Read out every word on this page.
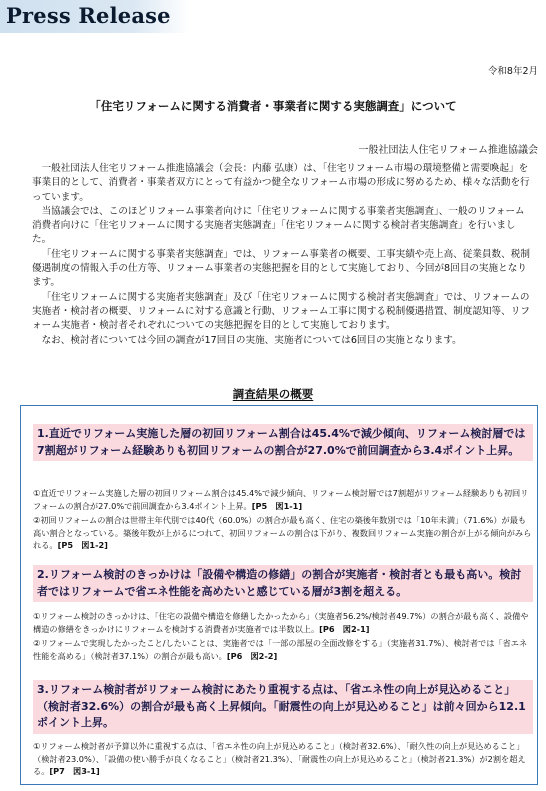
Press Release
令和8年2月
「住宅リフォームに関する消費者・事業者に関する実態調査」について
一般社団法人住宅リフォーム推進協議会

一般社団法人住宅リフォーム推進協議会（会長：内藤 弘康）は、「住宅リフォーム市場の環境整備と需要喚起」を事業目的として、消費者・事業者双方にとって有益かつ健全なリフォーム市場の形成に努めるため、様々な活動を行っています。

当協議会では、このほどリフォーム事業者向けに「住宅リフォームに関する事業者実態調査」、一般のリフォーム消費者向けに「住宅リフォームに関する実施者実態調査」「住宅リフォームに関する検討者実態調査」を行いました。

「住宅リフォームに関する事業者実態調査」では、リフォーム事業者の概要、工事実績や売上高、従業員数、税制優遇制度の情報入手の仕方等、リフォーム事業者の実態把握を目的として実施しており、今回が8回目の実施となります。

「住宅リフォームに関する実施者実態調査」及び「住宅リフォームに関する検討者実態調査」では、リフォームの実施者・検討者の概要、リフォームに対する意識と行動、リフォーム工事に関する税制優遇措置、制度認知等、リフォーム実施者・検討者それぞれについての実態把握を目的として実施しております。

なお、検討者については今回の調査が17回目の実施、実施者については6回目の実施となります。

調査結果の概要
1.直近でリフォーム実施した層の初回リフォーム割合は45.4%で減少傾向、リフォーム検討層では7割超がリフォーム経験ありも初回リフォームの割合が27.0%で前回調査から3.4ポイント上昇。

①直近でリフォーム実施した層の初回リフォーム割合は45.4%で減少傾向、リフォーム検討層では7割超がリフォーム経験ありも初回リフォームの割合が27.0%で前回調査から3.4ポイント上昇。[P5　図1-1]

②初回リフォームの割合は世帯主年代別では40代（60.0%）の割合が最も高く、住宅の築後年数別では「10年未満」（71.6%）が最も高い割合となっている。築後年数が上がるにつれて、初回リフォームの割合は下がり、複数回リフォーム実施の割合が上がる傾向がみられる。[P5　図1-2]

2.リフォーム検討のきっかけは「設備や構造の修繕」の割合が実施者・検討者とも最も高い。検討者ではリフォームで省エネ性能を高めたいと感じている層が3割を超える。

①リフォーム検討のきっかけは、「住宅の設備や構造を修繕したかったから」（実施者56.2%/検討者49.7%）の割合が最も高く、設備や構造の修繕をきっかけにリフォームを検討する消費者が実施者では半数以上。[P6　図2-1]

②リフォームで実現したかったこと/したいことは、実施者では「一部の部屋の全面改修をする」（実施者31.7%）、検討者では「省エネ性能を高める」（検討者37.1%）の割合が最も高い。[P6　図2-2]

3.リフォーム検討者がリフォーム検討にあたり重視する点は、「省エネ性の向上が見込めること」（検討者32.6%）の割合が最も高く上昇傾向。「耐震性の向上が見込めること」は前々回から12.1ポイント上昇。

①リフォーム検討者が予算以外に重視する点は、「省エネ性の向上が見込めること」（検討者32.6%）、「耐久性の向上が見込めること」（検討者23.0%）、「設備の使い勝手が良くなること」（検討者21.3%）、「耐震性の向上が見込めること」（検討者21.3%）が2割を超える。[P7　図3-1]
